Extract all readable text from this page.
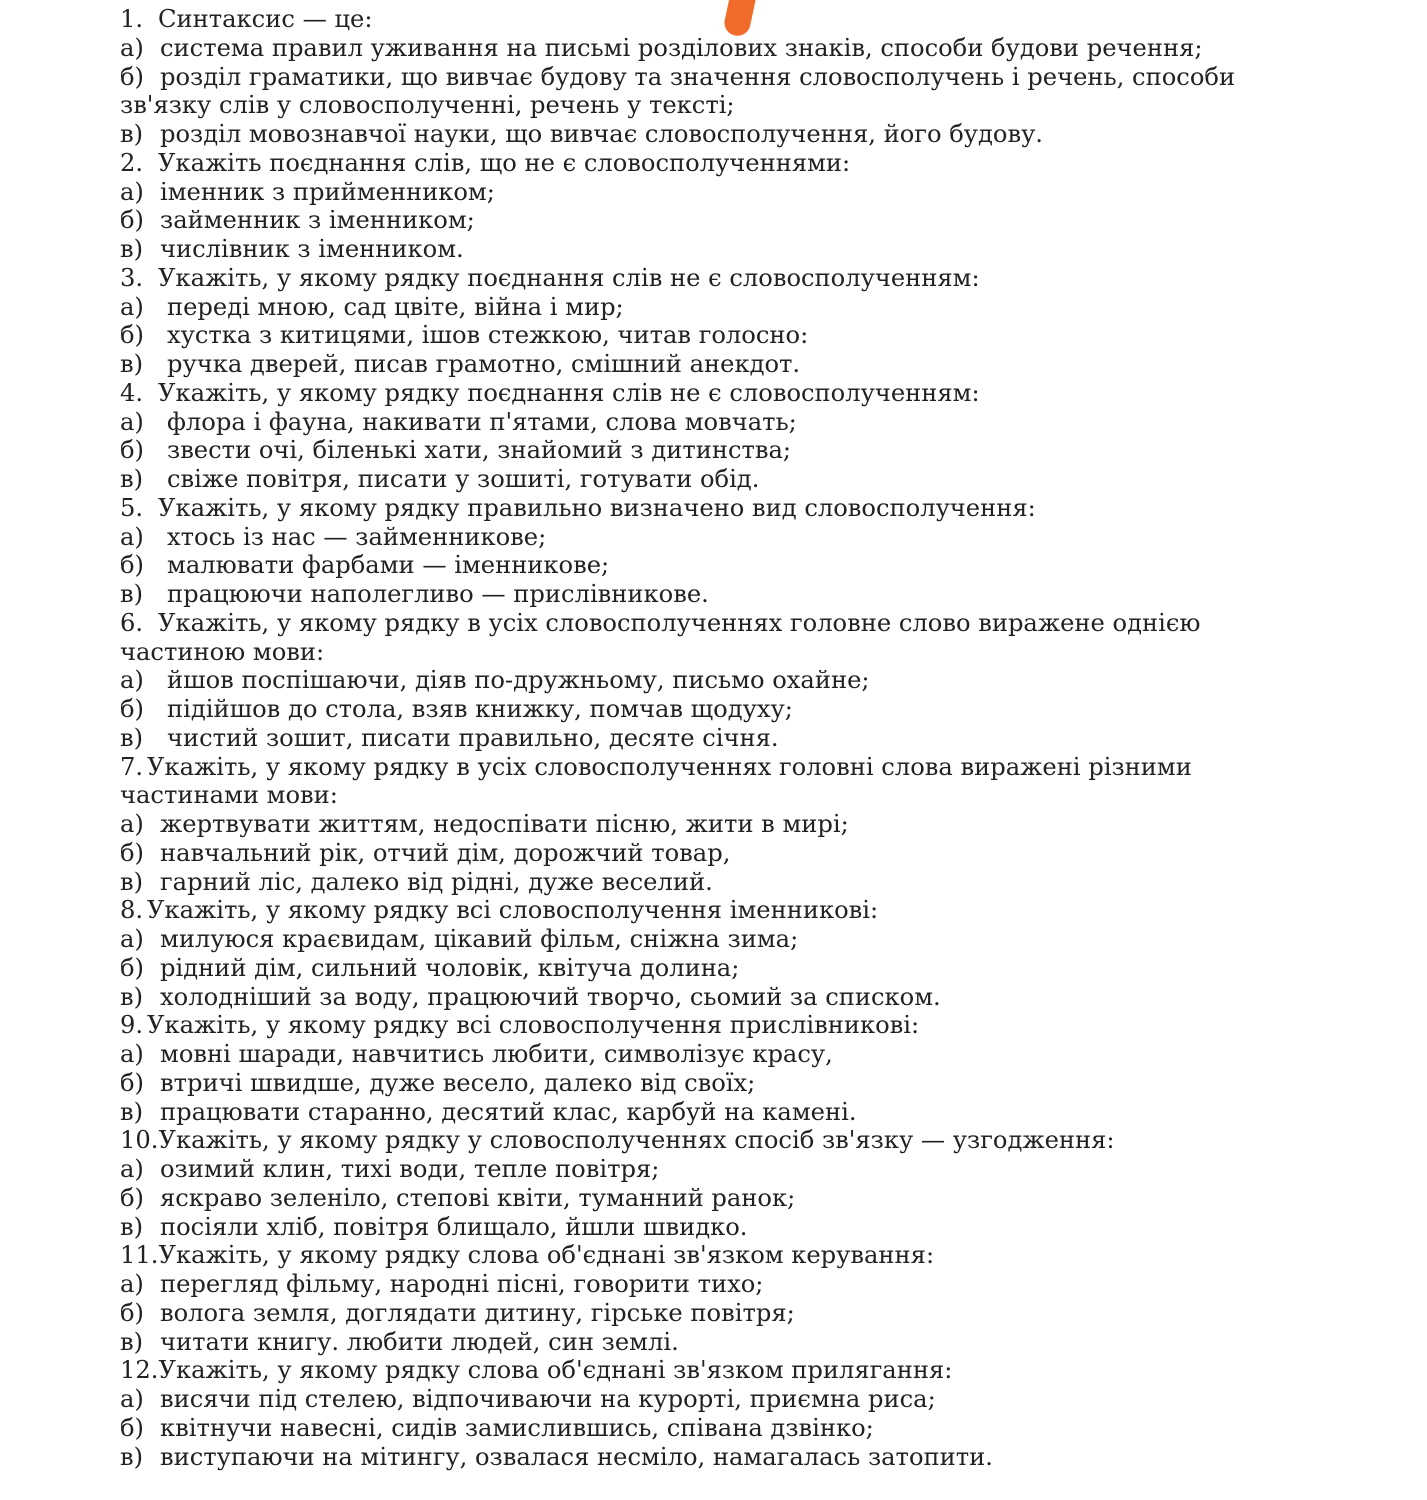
1. Синтаксис — це:
а) система правил уживання на письмі розділових знаків, способи будови речення;
б) розділ граматики, що вивчає будову та значення словосполучень і речень, способи
зв'язку слів у словосполученні, речень у тексті;
в) розділ мовознавчої науки, що вивчає словосполучення, його будову.
2. Укажіть поєднання слів, що не є словосполученнями:
а) іменник з прийменником;
б) займенник з іменником;
в) числівник з іменником.
3. Укажіть, у якому рядку поєднання слів не є словосполученням:
а) переді мною, сад цвіте, війна і мир;
б) хустка з китицями, ішов стежкою, читав голосно:
в) ручка дверей, писав грамотно, смішний анекдот.
4. Укажіть, у якому рядку поєднання слів не є словосполученням:
а) флора і фауна, накивати п'ятами, слова мовчать;
б) звести очі, біленькі хати, знайомий з дитинства;
в) свіже повітря, писати у зошиті, готувати обід.
5. Укажіть, у якому рядку правильно визначено вид словосполучення:
а) хтось із нас — займенникове;
б) малювати фарбами — іменникове;
в) працюючи наполегливо — прислівникове.
6. Укажіть, у якому рядку в усіх словосполученнях головне слово виражене однією
частиною мови:
а) йшов поспішаючи, діяв по-дружньому, письмо охайне;
б) підійшов до стола, взяв книжку, помчав щодуху;
в) чистий зошит, писати правильно, десяте січня.
7. Укажіть, у якому рядку в усіх словосполученнях головні слова виражені різними
частинами мови:
а) жертвувати життям, недоспівати пісню, жити в мирі;
б) навчальний рік, отчий дім, дорожчий товар,
в) гарний ліс, далеко від рідні, дуже веселий.
8. Укажіть, у якому рядку всі словосполучення іменникові:
а) милуюся краєвидам, цікавий фільм, сніжна зима;
б) рідний дім, сильний чоловік, квітуча долина;
в) холодніший за воду, працюючий творчо, сьомий за списком.
9. Укажіть, у якому рядку всі словосполучення прислівникові:
а) мовні шаради, навчитись любити, символізує красу,
б) втричі швидше, дуже весело, далеко від своїх;
в) працювати старанно, десятий клас, карбуй на камені.
10. Укажіть, у якому рядку у словосполученнях спосіб зв'язку — узгодження:
а) озимий клин, тихі води, тепле повітря;
б) яскраво зеленіло, степові квіти, туманний ранок;
в) посіяли хліб, повітря блищало, йшли швидко.
11. Укажіть, у якому рядку слова об'єднані зв'язком керування:
а) перегляд фільму, народні пісні, говорити тихо;
б) волога земля, доглядати дитину, гірське повітря;
в) читати книгу. любити людей, син землі.
12. Укажіть, у якому рядку слова об'єднані зв'язком прилягання:
а) висячи під стелею, відпочиваючи на курорті, приємна риса;
б) квітнучи навесні, сидів замислившись, співана дзвінко;
в) виступаючи на мітингу, озвалася несміло, намагалась затопити.
